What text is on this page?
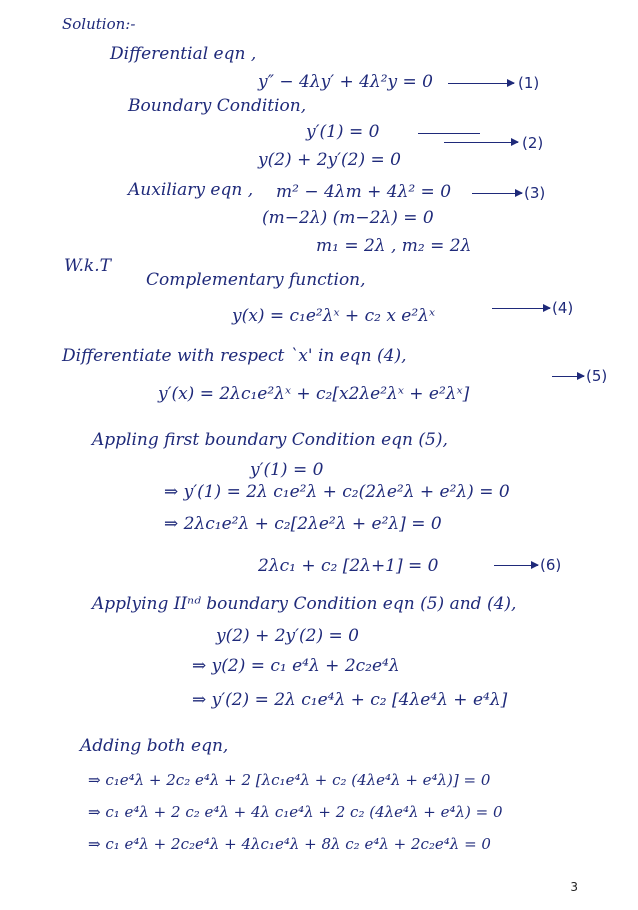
Solution:-
Differential eqn ,
y″ − 4λy′ + 4λ²y = 0	(1)
Boundary Condition,
y′(1) = 0
y(2) + 2y′(2) = 0
(2)
Auxiliary eqn , m² − 4λm + 4λ² = 0	(3)
(m−2λ) (m−2λ) = 0
W.k.T
m₁ = 2λ , m₂ = 2λ
Complementary function,
y(x) = c₁e²λˣ + c₂ x e²λˣ	(4)
Differentiate with respect `x' in eqn (4),
y′(x) = 2λc₁e²λˣ + c₂[x2λe²λˣ + e²λˣ]
(5)
Appling first boundary Condition eqn (5),
y′(1) = 0
⇒ y′(1) = 2λ c₁e²λ + c₂(2λe²λ + e²λ) = 0
⇒ 2λc₁e²λ + c₂[2λe²λ + e²λ] = 0
2λc₁ + c₂ [2λ+1] = 0	(6)
Applying IIⁿᵈ boundary Condition eqn (5) and (4),
y(2) + 2y′(2) = 0
⇒ y(2) = c₁ e⁴λ + 2c₂e⁴λ
⇒ y′(2) = 2λ c₁e⁴λ + c₂ [4λe⁴λ + e⁴λ]
Adding both eqn,
⇒ c₁e⁴λ + 2c₂ e⁴λ + 2 [λc₁e⁴λ + c₂ (4λe⁴λ + e⁴λ)] = 0
⇒ c₁ e⁴λ + 2 c₂ e⁴λ + 4λ c₁e⁴λ + 2 c₂ (4λe⁴λ + e⁴λ) = 0
⇒ c₁ e⁴λ + 2c₂e⁴λ + 4λc₁e⁴λ + 8λ c₂ e⁴λ + 2c₂e⁴λ = 0
3
